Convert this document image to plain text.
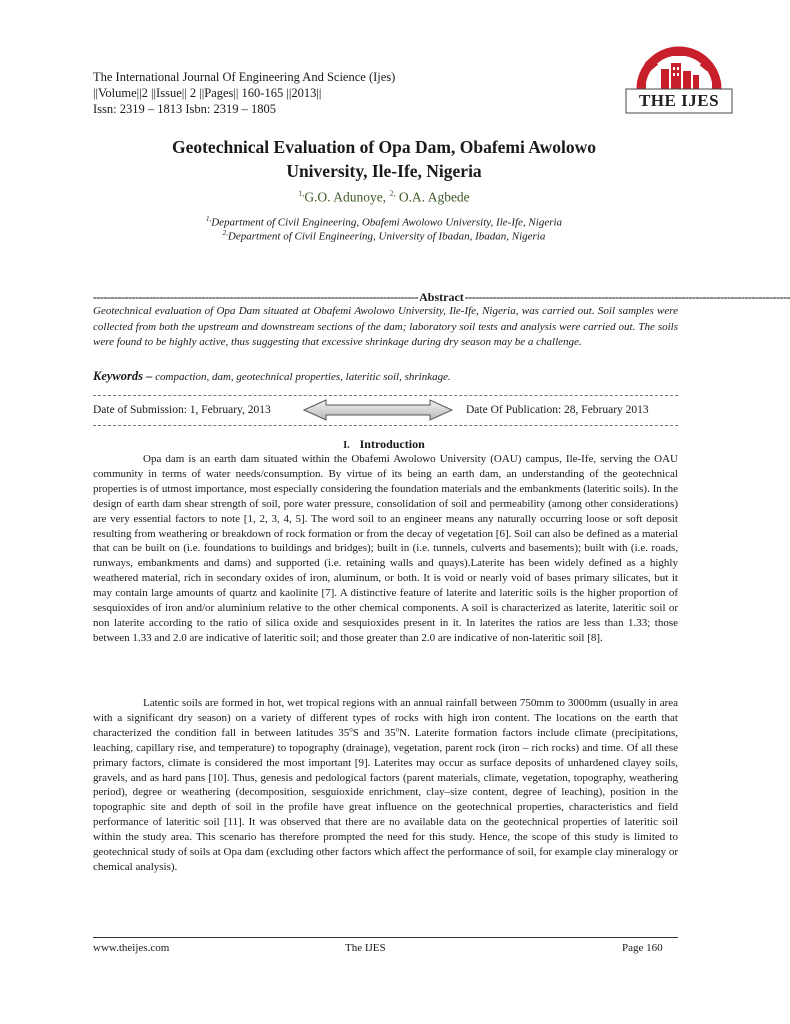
The International Journal Of Engineering And Science (Ijes)
||Volume||2 ||Issue|| 2 ||Pages|| 160-165 ||2013||
Issn: 2319 – 1813 Isbn: 2319 – 1805	THE IJES
Geotechnical Evaluation of Opa Dam, Obafemi Awolowo
University, Ile-Ife, Nigeria
$^{1,}$G.O. Adunoye, $^{2,}$ O.A. Agbede
$^{1,}$Department of Civil Engineering, Obafemi Awolowo University, Ile-Ife, Nigeria
$^{2,}$Department of Civil Engineering, University of Ibadan, Ibadan, Nigeria
--------------------------------------------------------------------------------------------- Abstract ---------------------------------------------------------------------------------------------
Geotechnical evaluation of Opa Dam situated at Obafemi Awolowo University, Ile-Ife, Nigeria, was carried out. Soil samples were collected from both the upstream and downstream sections of the dam; laboratory soil tests and analysis were carried out. The soils were found to be highly active, thus suggesting that excessive shrinkage during dry season may be a challenge.
Keywords – compaction, dam, geotechnical properties, lateritic soil, shrinkage.
Date of Submission: 1, February, 2013	Date Of Publication: 28, February 2013
I. Introduction
Opa dam is an earth dam situated within the Obafemi Awolowo University (OAU) campus, Ile-Ife, serving the OAU community in terms of water needs/consumption. By virtue of its being an earth dam, an understanding of the geotechnical properties is of utmost importance, most especially considering the foundation materials and the embankments (lateritic soils). In the design of earth dam shear strength of soil, pore water pressure, consolidation of soil and permeability (among other considerations) are very essential factors to note [1, 2, 3, 4, 5]. The word soil to an engineer means any naturally occurring loose or soft deposit resulting from weathering or breakdown of rock formation or from the decay of vegetation [6]. Soil can also be defined as a material that can be built on (i.e. foundations to buildings and bridges); built in (i.e. tunnels, culverts and basements); built with (i.e. roads, runways, embankments and dams) and supported (i.e. retaining walls and quays).Laterite has been widely defined as a highly weathered material, rich in secondary oxides of iron, aluminum, or both. It is void or nearly void of bases primary silicates, but it may contain large amounts of quartz and kaolinite [7]. A distinctive feature of laterite and lateritic soils is the higher proportion of sesquioxides of iron and/or aluminium relative to the other chemical components. A soil is characterized as laterite, lateritic soil or non laterite according to the ratio of silica oxide and sesquioxides present in it. In laterites the ratios are less than 1.33; those between 1.33 and 2.0 are indicative of lateritic soil; and those greater than 2.0 are indicative of non-lateritic soil [8].
Latentic soils are formed in hot, wet tropical regions with an annual rainfall between 750mm to 3000mm (usually in area with a significant dry season) on a variety of different types of rocks with high iron content. The locations on the earth that characterized the condition fall in between latitudes 35$^o$S and 35$^o$N. Laterite formation factors include climate (precipitations, leaching, capillary rise, and temperature) to topography (drainage), vegetation, parent rock (iron – rich rocks) and time. Of all these primary factors, climate is considered the most important [9]. Laterites may occur as surface deposits of unhardened clayey soils, gravels, and as hard pans [10]. Thus, genesis and pedological factors (parent materials, climate, vegetation, topography, weathering period), degree or weathering (decomposition, sesguioxide enrichment, clay–size content, degree of leaching), position in the topographic site and depth of soil in the profile have great influence on the geotechnical properties, characteristics and field performance of lateritic soil [11]. It was observed that there are no available data on the geotechnical properties of lateritic soil within the study area. This scenario has therefore prompted the need for this study. Hence, the scope of this study is limited to geotechnical study of soils at Opa dam (excluding other factors which affect the performance of soil, for example clay mineralogy or chemical analysis).
www.theijes.com	The IJES	Page 160
